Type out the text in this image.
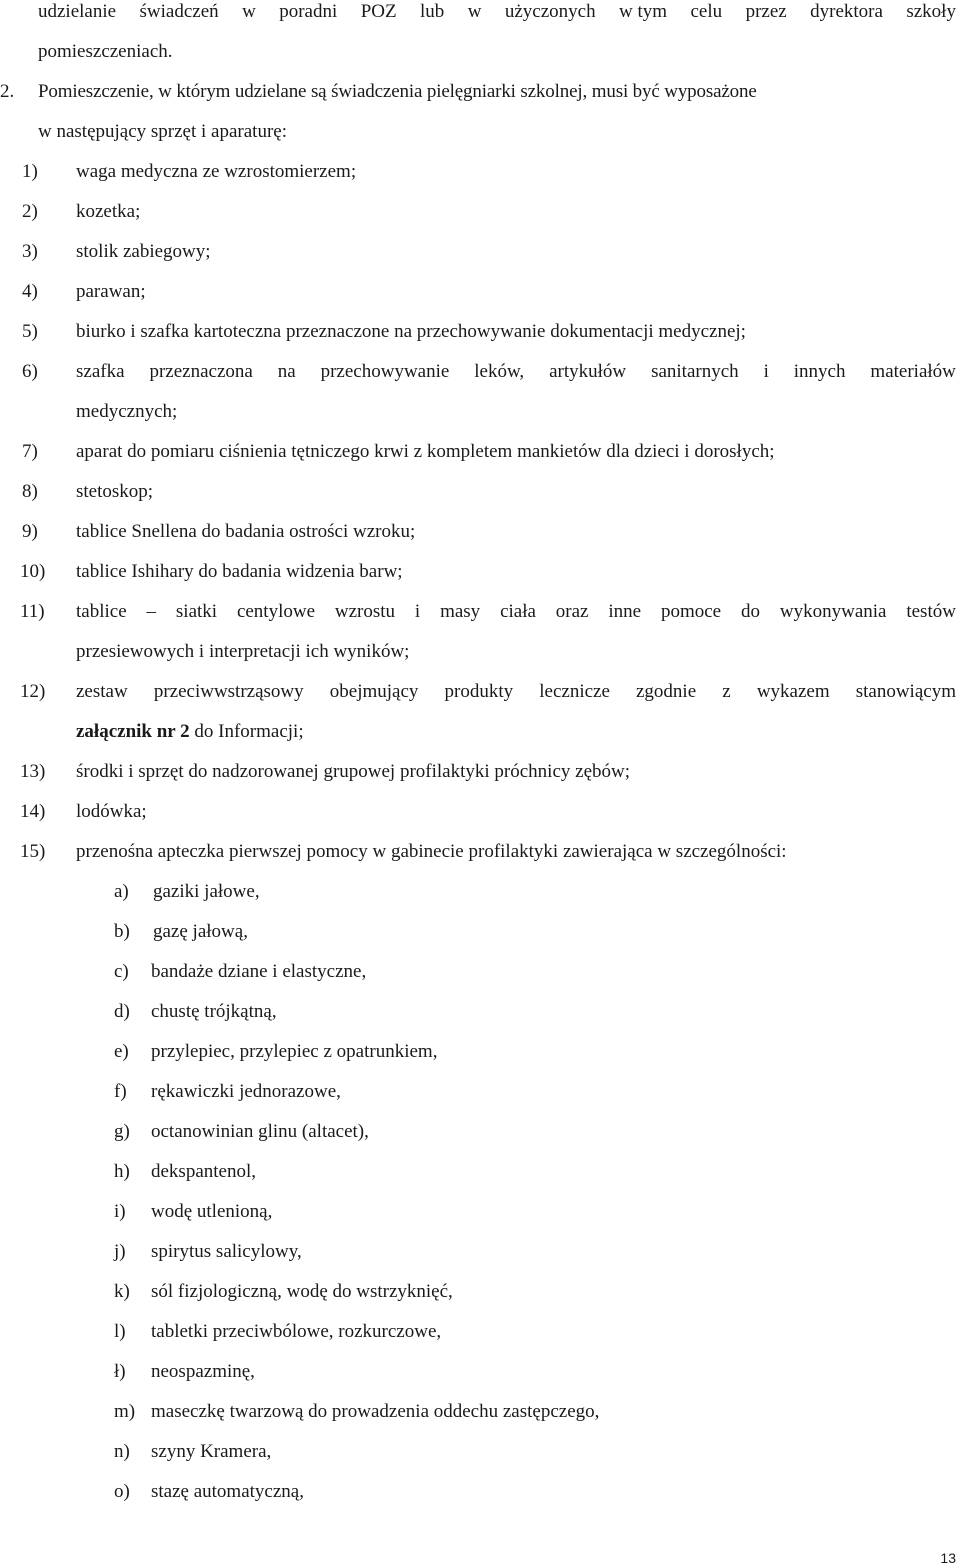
udzielanie świadczeń w poradni POZ lub w użyczonych w tym celu przez dyrektora szkoły
pomieszczeniach.
2. Pomieszczenie, w którym udzielane są świadczenia pielęgniarki szkolnej, musi być wyposażone
w następujący sprzęt i aparaturę:
1) waga medyczna ze wzrostomierzem;
2) kozetka;
3) stolik zabiegowy;
4) parawan;
5) biurko i szafka kartoteczna przeznaczone na przechowywanie dokumentacji medycznej;
6) szafka przeznaczona na przechowywanie leków, artykułów sanitarnych i innych materiałów
medycznych;
7) aparat do pomiaru ciśnienia tętniczego krwi z kompletem mankietów dla dzieci i dorosłych;
8) stetoskop;
9) tablice Snellena do badania ostrości wzroku;
10) tablice Ishihary do badania widzenia barw;
11) tablice – siatki centylowe wzrostu i masy ciała oraz inne pomoce do wykonywania testów
przesiewowych i interpretacji ich wyników;
12) zestaw przeciwwstrząsowy obejmujący produkty lecznicze zgodnie z wykazem stanowiącym
załącznik nr 2 do Informacji;
13) środki i sprzęt do nadzorowanej grupowej profilaktyki próchnicy zębów;
14) lodówka;
15) przenośna apteczka pierwszej pomocy w gabinecie profilaktyki zawierająca w szczególności:
a) gaziki jałowe,
b) gazę jałową,
c) bandaże dziane i elastyczne,
d) chustę trójkątną,
e) przylepiec, przylepiec z opatrunkiem,
f) rękawiczki jednorazowe,
g) octanowinian glinu (altacet),
h) dekspantenol,
i) wodę utlenioną,
j) spirytus salicylowy,
k) sól fizjologiczną, wodę do wstrzyknięć,
l) tabletki przeciwbólowe, rozkurczowe,
ł) neospazminę,
m) maseczkę twarzową do prowadzenia oddechu zastępczego,
n) szyny Kramera,
o) stazę automatyczną,
13
